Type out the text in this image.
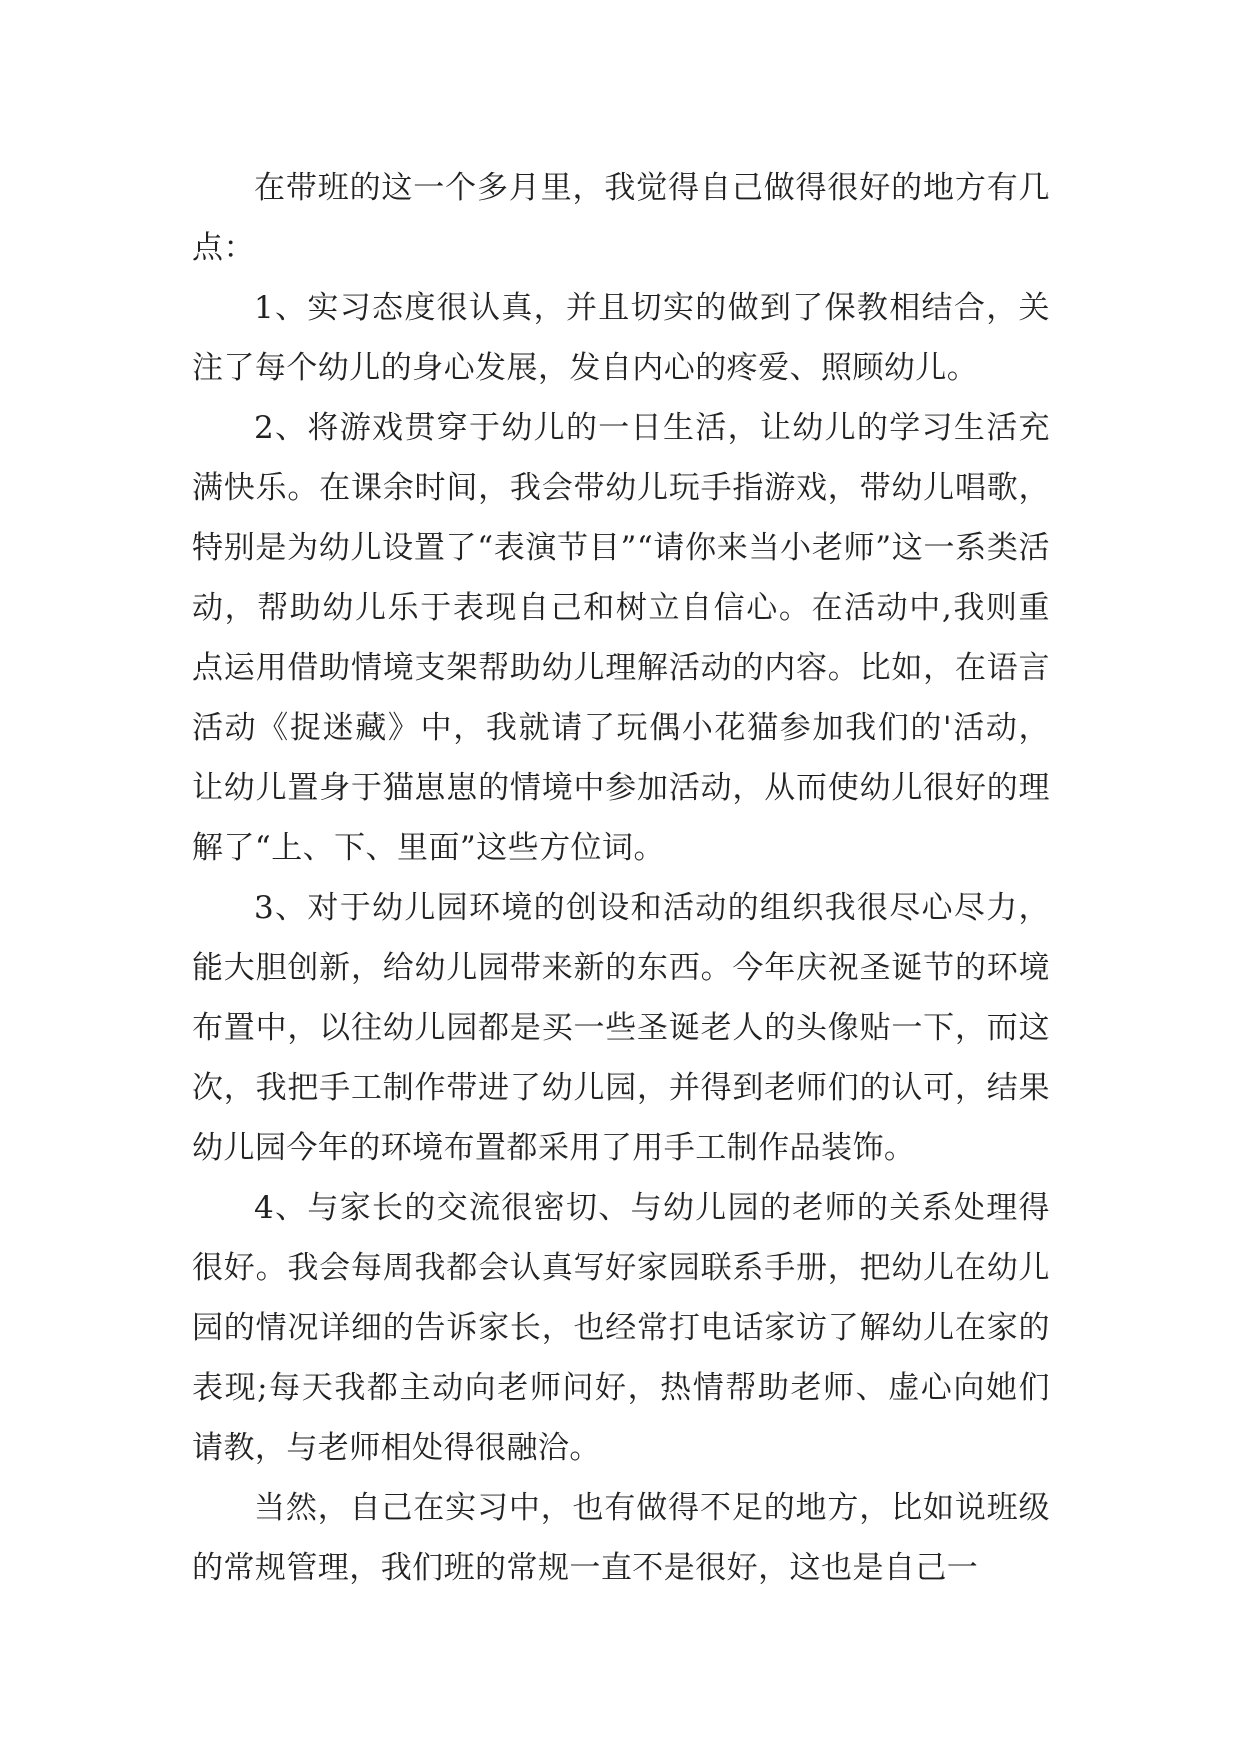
在带班的这一个多月里，我觉得自己做得很好的地方有几点：

1、实习态度很认真，并且切实的做到了保教相结合，关注了每个幼儿的身心发展，发自内心的疼爱、照顾幼儿。

2、将游戏贯穿于幼儿的一日生活，让幼儿的学习生活充满快乐。在课余时间，我会带幼儿玩手指游戏，带幼儿唱歌，特别是为幼儿设置了“表演节目”“请你来当小老师”这一系类活动，帮助幼儿乐于表现自己和树立自信心。在活动中,我则重点运用借助情境支架帮助幼儿理解活动的内容。比如，在语言活动《捉迷藏》中，我就请了玩偶小花猫参加我们的'活动，让幼儿置身于猫崽崽的情境中参加活动，从而使幼儿很好的理解了“上、下、里面”这些方位词。

3、对于幼儿园环境的创设和活动的组织我很尽心尽力，能大胆创新，给幼儿园带来新的东西。今年庆祝圣诞节的环境布置中，以往幼儿园都是买一些圣诞老人的头像贴一下，而这次，我把手工制作带进了幼儿园，并得到老师们的认可，结果幼儿园今年的环境布置都采用了用手工制作品装饰。

4、与家长的交流很密切、与幼儿园的老师的关系处理得很好。我会每周我都会认真写好家园联系手册，把幼儿在幼儿园的情况详细的告诉家长，也经常打电话家访了解幼儿在家的表现;每天我都主动向老师问好，热情帮助老师、虚心向她们请教，与老师相处得很融洽。

当然，自己在实习中，也有做得不足的地方，比如说班级的常规管理，我们班的常规一直不是很好，这也是自己一
